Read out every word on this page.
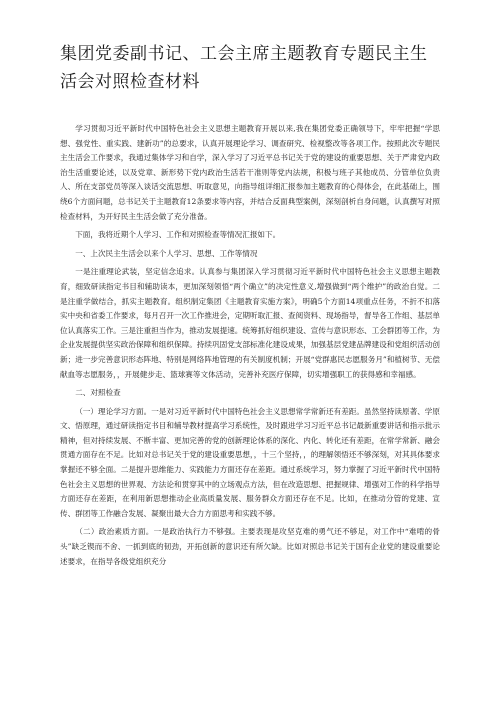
集团党委副书记、工会主席主题教育专题民主生活会对照检查材料

学习贯彻习近平新时代中国特色社会主义思想主题教育开展以来,我在集团党委正确领导下，牢牢把握“学思想、强党性、重实践、建新功”的总要求，认真开展理论学习、调查研究、检视整改等各项工作。按照此次专题民主生活会工作要求，我通过集体学习和自学，深入学习了习近平总书记关于党的建设的重要思想、关于严肃党内政治生活重要论述，以及党章、新形势下党内政治生活若干准则等党内法规，积极与班子其他成员、分管单位负责人、所在支部党员等深入谈话交流思想、听取意见，向指导组详细汇报参加主题教育的心得体会，在此基础上，围绕6个方面问题，总书记关于主题教育12条要求等内容，并结合反面典型案例，深刻剖析自身问题，认真撰写对照检查材料，为开好民主生活会做了充分准备。

下面，我将近期个人学习、工作和对照检查等情况汇报如下。

一、上次民主生活会以来个人学习、思想、工作等情况

一是注重理论武装，坚定信念追求。认真参与集团深入学习贯彻习近平新时代中国特色社会主义思想主题教育，细致研读指定书目和辅助读本，更加深刻领悟“两个确立”的决定性意义,增强做到“两个维护”的政治自觉。二是注重学做结合，抓实主题教育。组织制定集团《主题教育实施方案》，明确5个方面14项重点任务，不折不扣落实中央和省委工作要求，每月召开一次工作推进会，定期听取汇报、查阅资料、现场指导，督导各工作组、基层单位认真落实工作。三是注重担当作为，推动发展提速。统筹抓好组织建设、宣传与意识形态、工会群团等工作，为企业发展提供坚实政治保障和组织保障。持续巩固党支部标准化建设成果，加强基层党建品牌建设和党组织活动创新；进一步完善意识形态阵地、特别是网络阵地管理的有关制度机制；开展“党群惠民志愿服务月”和植树节、无偿献血等志愿服务，，开展健步走、篮球赛等文体活动，完善补充医疗保障，切实增强职工的获得感和幸福感。

二、对照检查

（一）理论学习方面。一是对习近平新时代中国特色社会主义思想常学常新还有差距。虽然坚持读原著、学原文、悟原理，通过研读指定书目和辅导教材提高学习系统性，及时跟进学习习近平总书记最新重要讲话和指示批示精神，但对持续发展、不断丰富、更加完善的党的创新理论体系的深化、内化、转化还有差距，在常学常新、融会贯通方面存在不足。比如对总书记关于党的建设重要思想，，十三个坚持，，的理解领悟还不够深刻，对其具体要求掌握还不够全面。二是提升思维能力、实践能力方面还存在差距。通过系统学习，努力掌握了习近平新时代中国特色社会主义思想的世界观、方法论和贯穿其中的立场观点方法，但在改造思想、把握规律、增强对工作的科学指导方面还存在差距，在利用新思想推动企业高质量发展、服务群众方面还存在不足。比如，在推动分管的党建、宣传、群团等工作融合发展、凝聚出最大合力方面思考和实践不够。

（二）政治素质方面。一是政治执行力不够强。主要表现是攻坚克难的勇气还不够足，对工作中“难啃的骨头”缺乏锲而不舍、一抓到底的韧劲，开拓创新的意识还有所欠缺。比如对照总书记关于国有企业党的建设重要论述要求，在指导各级党组织充分
